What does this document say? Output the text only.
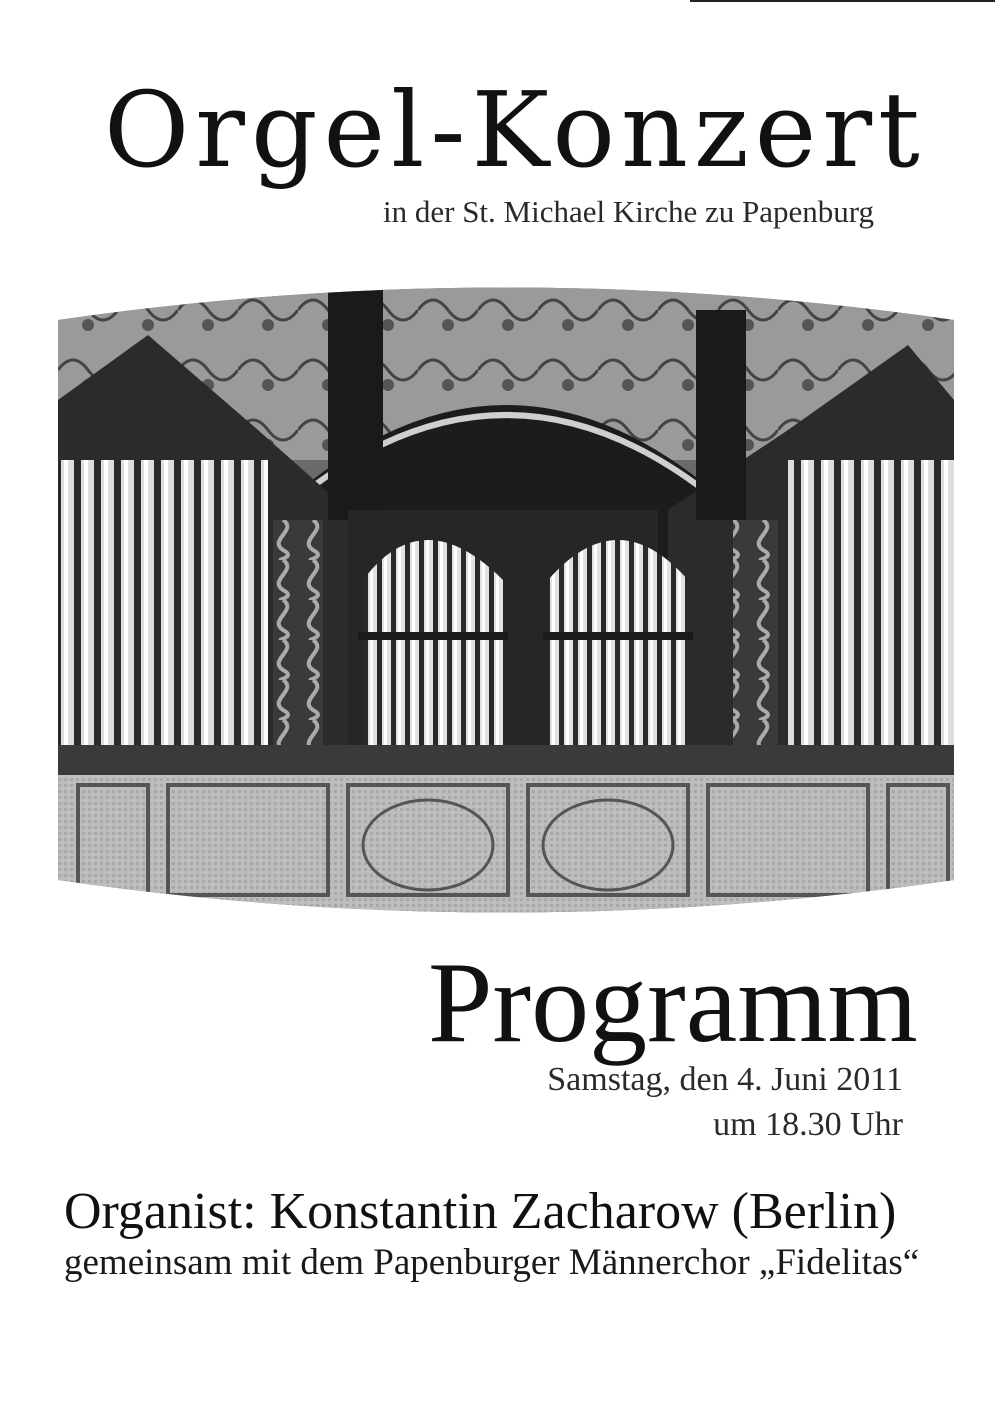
Orgel-Konzert
in der St. Michael Kirche zu Papenburg
Programm
Samstag, den 4. Juni 2011
um 18.30 Uhr
Organist: Konstantin Zacharow (Berlin)
gemeinsam mit dem Papenburger Männerchor „Fidelitas“
